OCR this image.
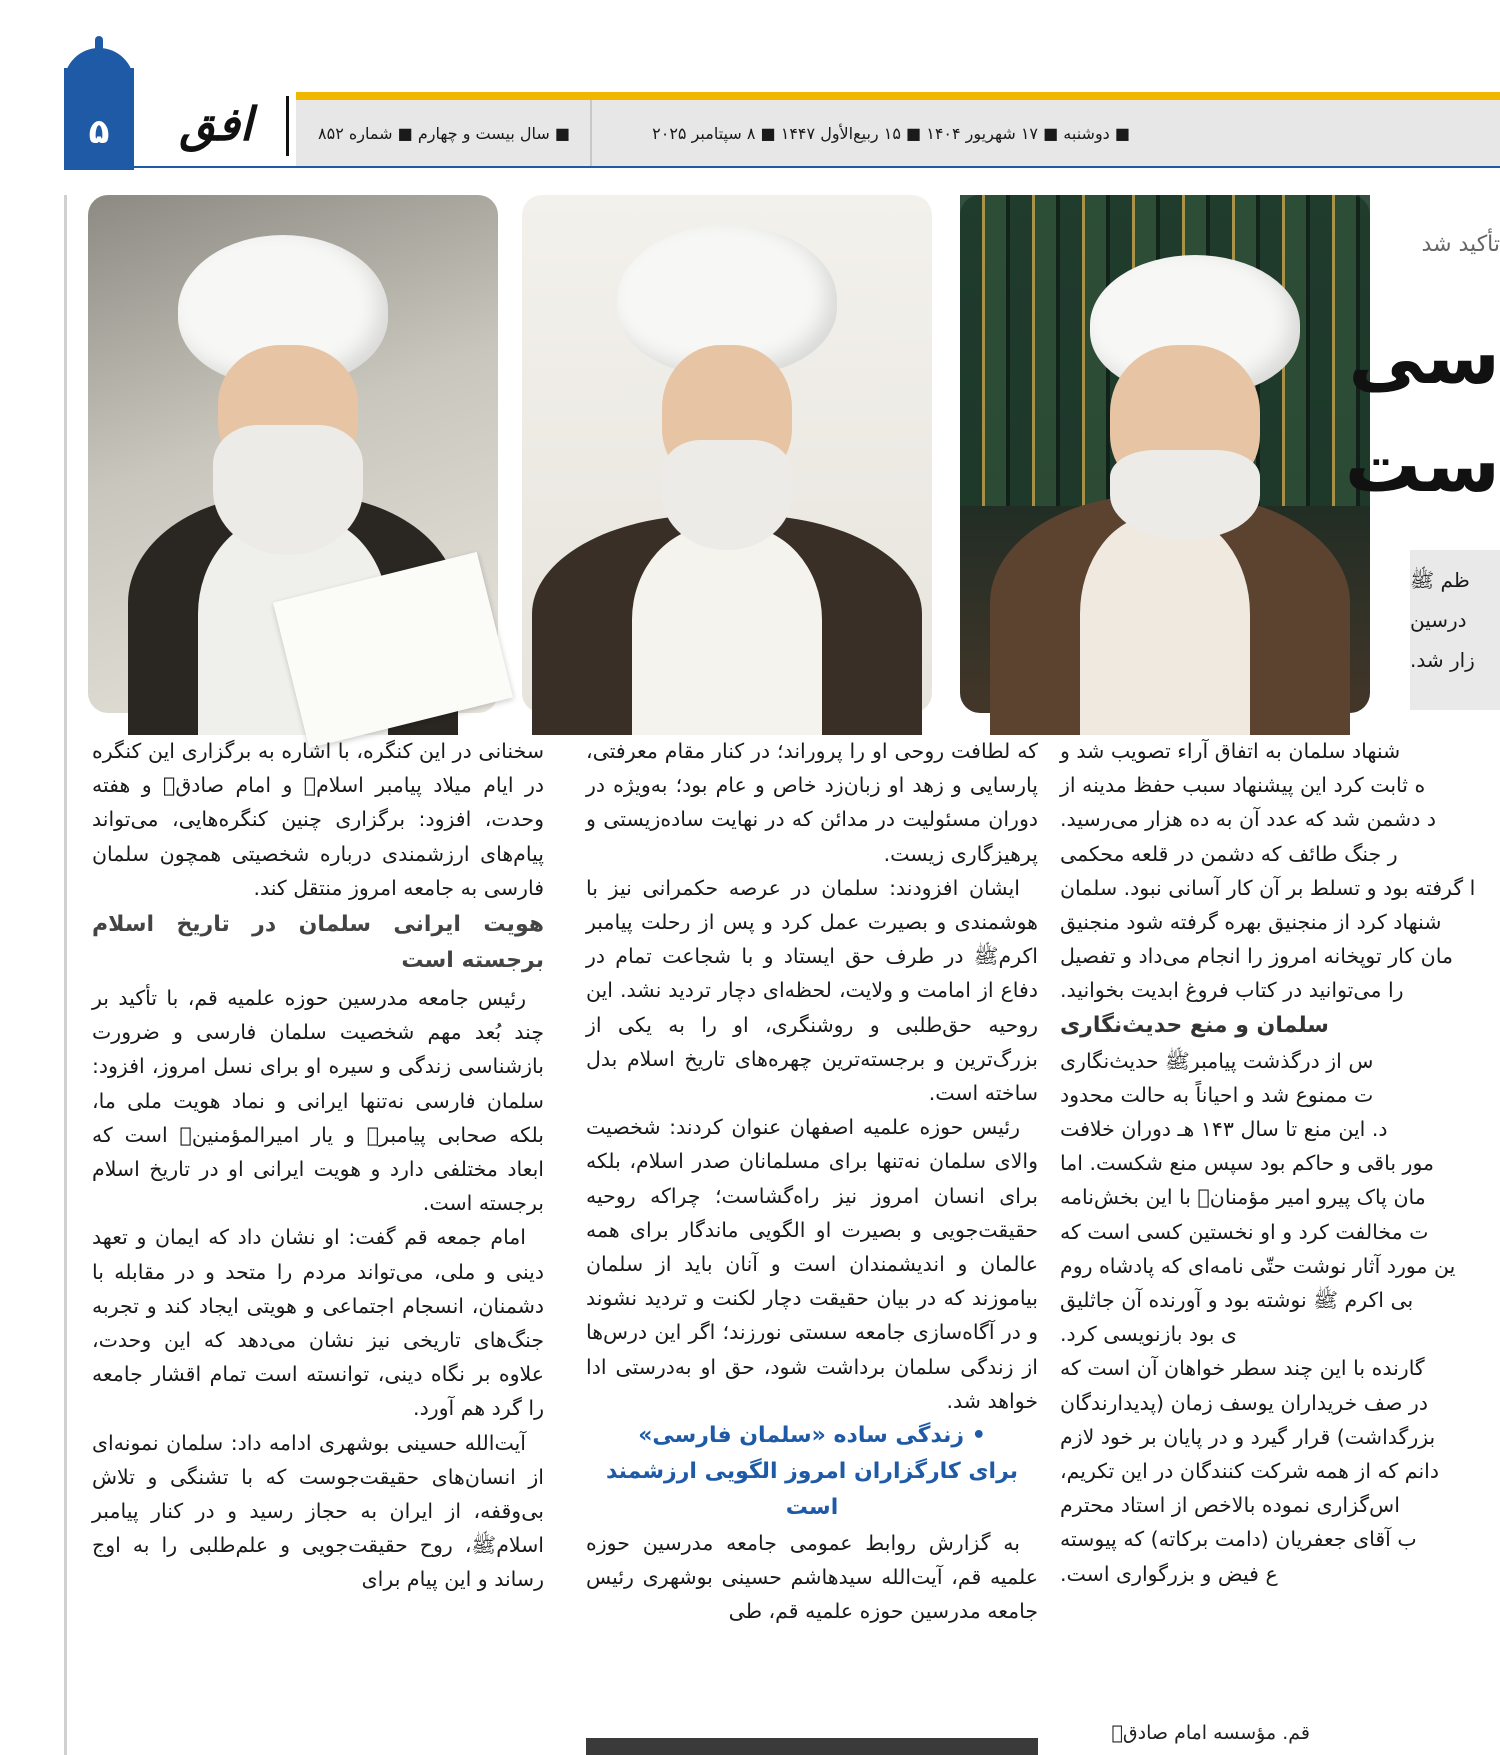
۵	افق	■ سال بیست و چهارم ■ شماره ۸۵۲	■ دوشنبه ■ ۱۷ شهریور ۱۴۰۴ ■ ۱۵ ربیع‌الأول ۱۴۴۷ ■ ۸ سپتامبر ۲۰۲۵
تأکید شد
سی
ست
ظم ﷺ
درسین
زار شد.

سخنانی در این کنگره، با اشاره به برگزاری این کنگره در ایام میلاد پیامبر اسلامﷺ و امام صادقؑ و هفته وحدت، افزود: برگزاری چنین کنگره‌هایی، می‌تواند پیام‌های ارزشمندی درباره شخصیتی همچون سلمان فارسی به جامعه امروز منتقل کند.

هویت ایرانی سلمان در تاریخ اسلام برجسته است

رئیس جامعه مدرسین حوزه علمیه قم، با تأکید بر چند بُعد مهم شخصیت سلمان فارسی و ضرورت بازشناسی زندگی و سیره او برای نسل امروز، افزود: سلمان فارسی نه‌تنها ایرانی و نماد هویت ملی ما، بلکه صحابی پیامبرﷺ و یار امیرالمؤمنینؑ است که ابعاد مختلفی دارد و هویت ایرانی او در تاریخ اسلام برجسته است.

امام جمعه قم گفت: او نشان داد که ایمان و تعهد دینی و ملی، می‌تواند مردم را متحد و در مقابله با دشمنان، انسجام اجتماعی و هویتی ایجاد کند و تجربه جنگ‌های تاریخی نیز نشان می‌دهد که این وحدت، علاوه بر نگاه دینی، توانسته است تمام اقشار جامعه را گرد هم آورد.

آیت‌الله حسینی بوشهری ادامه داد: سلمان نمونه‌ای از انسان‌های حقیقت‌جوست که با تشنگی و تلاش بی‌وقفه، از ایران به حجاز رسید و در کنار پیامبر اسلامﷺ، روح حقیقت‌جویی و علم‌طلبی را به اوج رساند و این پیام برای

که لطافت روحی او را پروراند؛ در کنار مقام معرفتی، پارسایی و زهد او زبان‌زد خاص و عام بود؛ به‌ویژه در دوران مسئولیت در مدائن که در نهایت ساده‌زیستی و پرهیزگاری زیست.

ایشان افزودند: سلمان در عرصه حکمرانی نیز با هوشمندی و بصیرت عمل کرد و پس از رحلت پیامبر اکرمﷺ در طرف حق ایستاد و با شجاعت تمام در دفاع از امامت و ولایت، لحظه‌ای دچار تردید نشد. این روحیه حق‌طلبی و روشنگری، او را به یکی از بزرگ‌ترین و برجسته‌ترین چهره‌های تاریخ اسلام بدل ساخته است.

رئیس حوزه علمیه اصفهان عنوان کردند: شخصیت والای سلمان نه‌تنها برای مسلمانان صدر اسلام، بلکه برای انسان امروز نیز راه‌گشاست؛ چراکه روحیه حقیقت‌جویی و بصیرت او الگویی ماندگار برای همه عالمان و اندیشمندان است و آنان باید از سلمان بیاموزند که در بیان حقیقت دچار لکنت و تردید نشوند و در آگاه‌سازی جامعه سستی نورزند؛ اگر این درس‌ها از زندگی سلمان برداشت شود، حق او به‌درستی ادا خواهد شد.

• زندگی ساده «سلمان فارسی»
برای کارگزاران امروز الگویی ارزشمند است

به گزارش روابط عمومی جامعه مدرسین حوزه علمیه قم، آیت‌الله سیدهاشم حسینی بوشهری رئیس جامعه مدرسین حوزه علمیه قم، طی

شنهاد سلمان به اتفاق آراء تصویب شد و

ه ثابت کرد این پیشنهاد سبب حفظ مدینه از

د دشمن شد که عدد آن به ده هزار می‌رسید.

ر جنگ طائف که دشمن در قلعه محکمی

ا گرفته بود و تسلط بر آن کار آسانی نبود. سلمان

شنهاد کرد از منجنیق بهره گرفته شود منجنیق

مان کار توپخانه امروز را انجام می‌داد و تفصیل

را می‌توانید در کتاب فروغ ابدیت بخوانید.

سلمان و منع حدیث‌نگاری

س از درگذشت پیامبرﷺ حدیث‌نگاری

ت ممنوع شد و احیاناً به حالت محدود

د. این منع تا سال ۱۴۳ هـ دوران خلافت

مور باقی و حاکم بود سپس منع شکست. اما

مان پاک پیرو امیر مؤمنانؑ با این بخش‌نامه

ت مخالفت کرد و او نخستین کسی است که

ین مورد آثار نوشت حتّی نامه‌ای که پادشاه روم

بی اکرم ﷺ نوشته بود و آورنده آن جاثلیق

ی بود بازنویسی کرد.

گارنده با این چند سطر خواهان آن است که

در صف خریداران یوسف زمان (پدیدارندگان

بزرگداشت) قرار گیرد و در پایان بر خود لازم

دانم که از همه شرکت کنندگان در این تکریم،

اس‌گزاری نموده بالاخص از استاد محترم

ب آقای جعفریان (دامت برکاته) که پیوسته

ع فیض و بزرگواری است.

قم. مؤسسه امام صادقؑ
